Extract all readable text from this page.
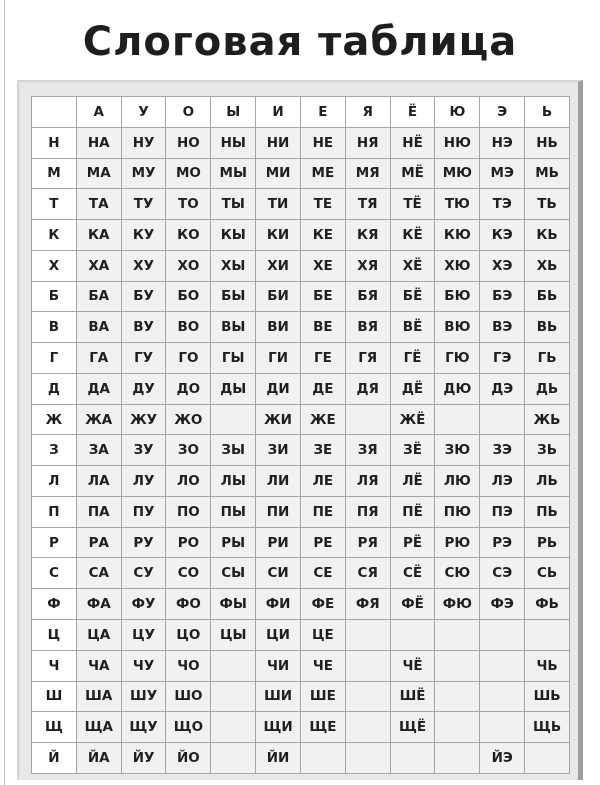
Слоговая таблица
	А	У	О	Ы	И	Е	Я	Ё	Ю	Э	Ь
Н	НА	НУ	НО	НЫ	НИ	НЕ	НЯ	НЁ	НЮ	НЭ	НЬ
М	МА	МУ	МО	МЫ	МИ	МЕ	МЯ	МЁ	МЮ	МЭ	МЬ
Т	ТА	ТУ	ТО	ТЫ	ТИ	ТЕ	ТЯ	ТЁ	ТЮ	ТЭ	ТЬ
К	КА	КУ	КО	КЫ	КИ	КЕ	КЯ	КЁ	КЮ	КЭ	КЬ
Х	ХА	ХУ	ХО	ХЫ	ХИ	ХЕ	ХЯ	ХЁ	ХЮ	ХЭ	ХЬ
Б	БА	БУ	БО	БЫ	БИ	БЕ	БЯ	БЁ	БЮ	БЭ	БЬ
В	ВА	ВУ	ВО	ВЫ	ВИ	ВЕ	ВЯ	ВЁ	ВЮ	ВЭ	ВЬ
Г	ГА	ГУ	ГО	ГЫ	ГИ	ГЕ	ГЯ	ГЁ	ГЮ	ГЭ	ГЬ
Д	ДА	ДУ	ДО	ДЫ	ДИ	ДЕ	ДЯ	ДЁ	ДЮ	ДЭ	ДЬ
Ж	ЖА	ЖУ	ЖО		ЖИ	ЖЕ		ЖЁ			ЖЬ
З	ЗА	ЗУ	ЗО	ЗЫ	ЗИ	ЗЕ	ЗЯ	ЗЁ	ЗЮ	ЗЭ	ЗЬ
Л	ЛА	ЛУ	ЛО	ЛЫ	ЛИ	ЛЕ	ЛЯ	ЛЁ	ЛЮ	ЛЭ	ЛЬ
П	ПА	ПУ	ПО	ПЫ	ПИ	ПЕ	ПЯ	ПЁ	ПЮ	ПЭ	ПЬ
Р	РА	РУ	РО	РЫ	РИ	РЕ	РЯ	РЁ	РЮ	РЭ	РЬ
С	СА	СУ	СО	СЫ	СИ	СЕ	СЯ	СЁ	СЮ	СЭ	СЬ
Ф	ФА	ФУ	ФО	ФЫ	ФИ	ФЕ	ФЯ	ФЁ	ФЮ	ФЭ	ФЬ
Ц	ЦА	ЦУ	ЦО	ЦЫ	ЦИ	ЦЕ					
Ч	ЧА	ЧУ	ЧО		ЧИ	ЧЕ		ЧЁ			ЧЬ
Ш	ША	ШУ	ШО		ШИ	ШЕ		ШЁ			ШЬ
Щ	ЩА	ЩУ	ЩО		ЩИ	ЩЕ		ЩЁ			ЩЬ
Й	ЙА	ЙУ	ЙО		ЙИ					ЙЭ	
